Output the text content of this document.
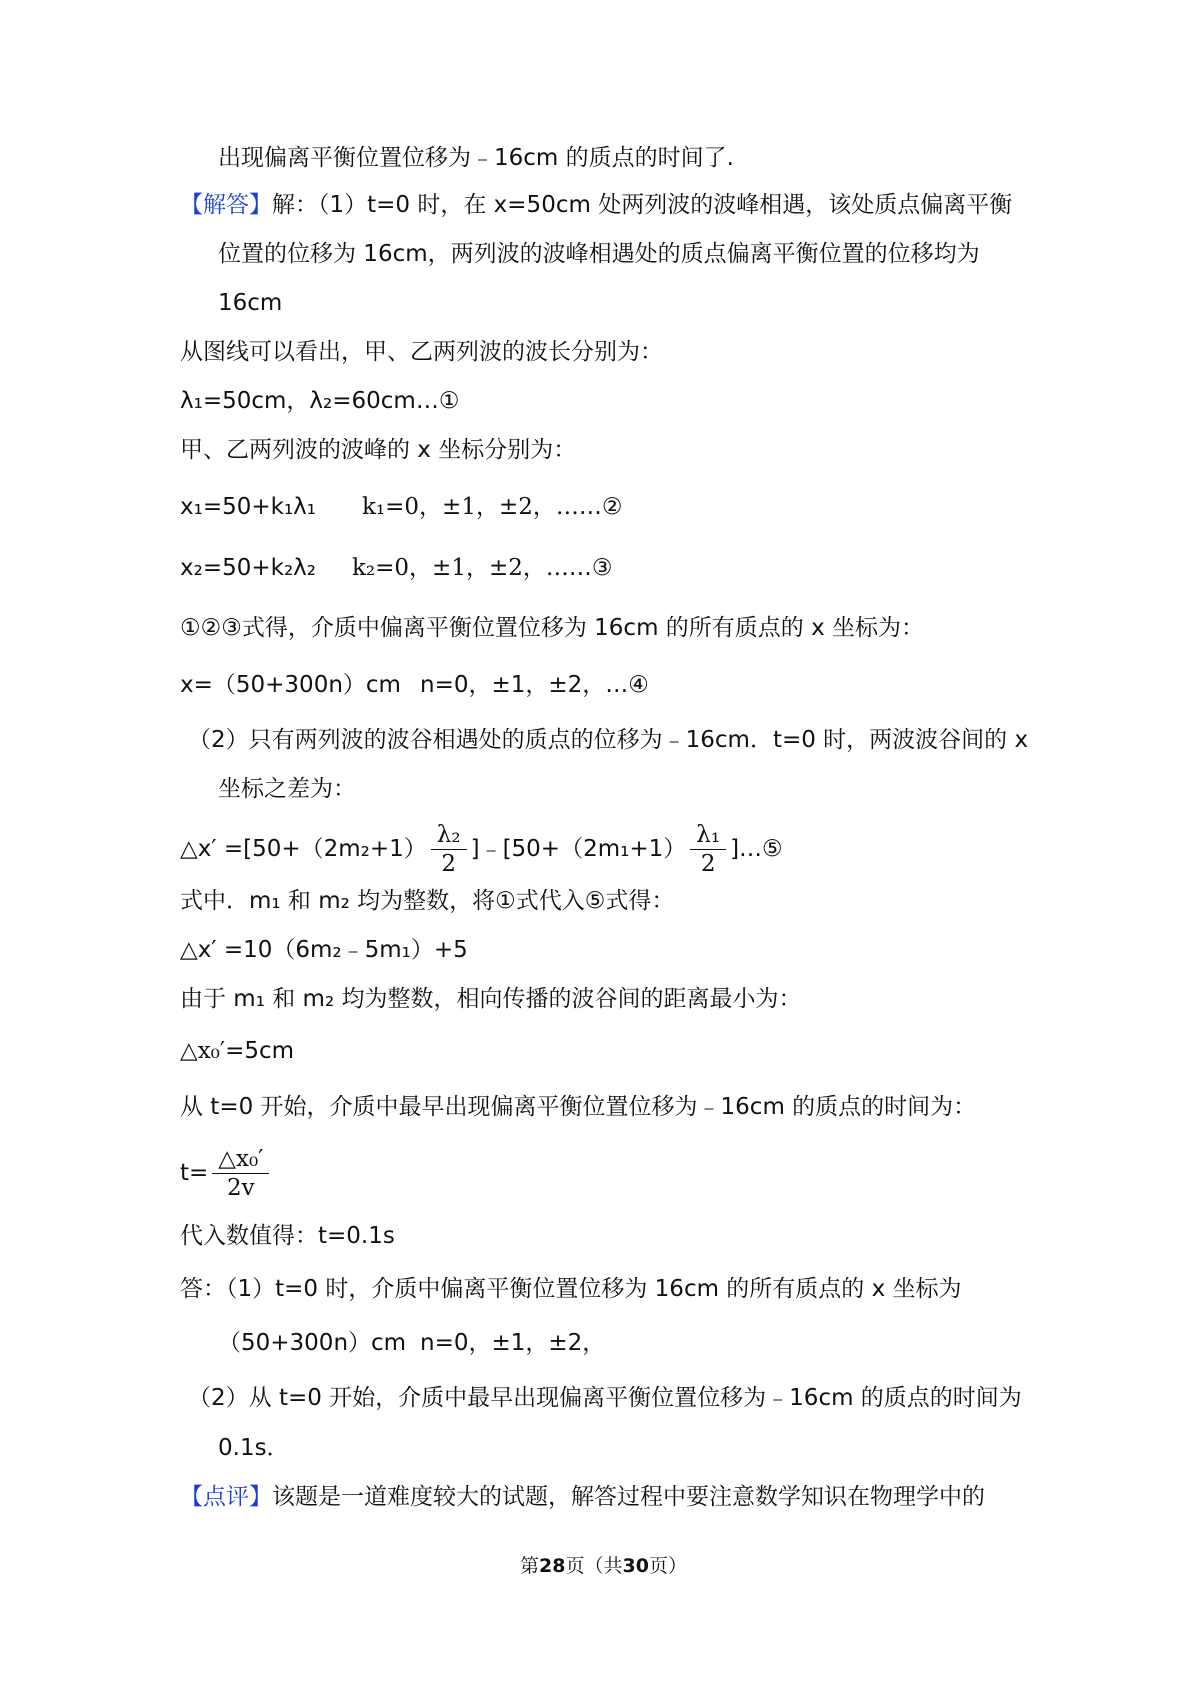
出现偏离平衡位置位移为﹣16cm 的质点的时间了.
【解答】解：（1）t=0 时，在 x=50cm 处两列波的波峰相遇，该处质点偏离平衡
位置的位移为 16cm，两列波的波峰相遇处的质点偏离平衡位置的位移均为
16cm
从图线可以看出，甲、乙两列波的波长分别为：
λ₁=50cm，λ₂=60cm…①
甲、乙两列波的波峰的 x 坐标分别为：
x₁=50+k₁λ₁ k₁=0，±1，±2，……②
x₂=50+k₂λ₂ k₂=0，±1，±2，……③
①②③式得，介质中偏离平衡位置位移为 16cm 的所有质点的 x 坐标为：
x=（50+300n）cm n=0，±1，±2，…④
（2）只有两列波的波谷相遇处的质点的位移为﹣16cm．t=0 时，两波波谷间的 x
坐标之差为：
△x′ $=[50+(2m_2+1) \frac{\text{λ₂}}{2}$ ]﹣[50+（2m₁+1） $\frac{\text{λ₁}}{2}$ ]…⑤
式中．m₁ 和 m₂ 均为整数，将①式代入⑤式得：
△x′ =10（6m₂﹣5m₁）+5
由于 m₁ 和 m₂ 均为整数，相向传播的波谷间的距离最小为：
△x₀′=5cm
从 t=0 开始，介质中最早出现偏离平衡位置位移为﹣16cm 的质点的时间为：
$t= \frac{\text{△x₀′}}{2v}$
代入数值得：t=0.1s
答：（1）t=0 时，介质中偏离平衡位置位移为 16cm 的所有质点的 x 坐标为
（50+300n）cm n=0，±1，±2，
（2）从 t=0 开始，介质中最早出现偏离平衡位置位移为﹣16cm 的质点的时间为
0.1s．
【点评】该题是一道难度较大的试题，解答过程中要注意数学知识在物理学中的
第28页（共30页）
